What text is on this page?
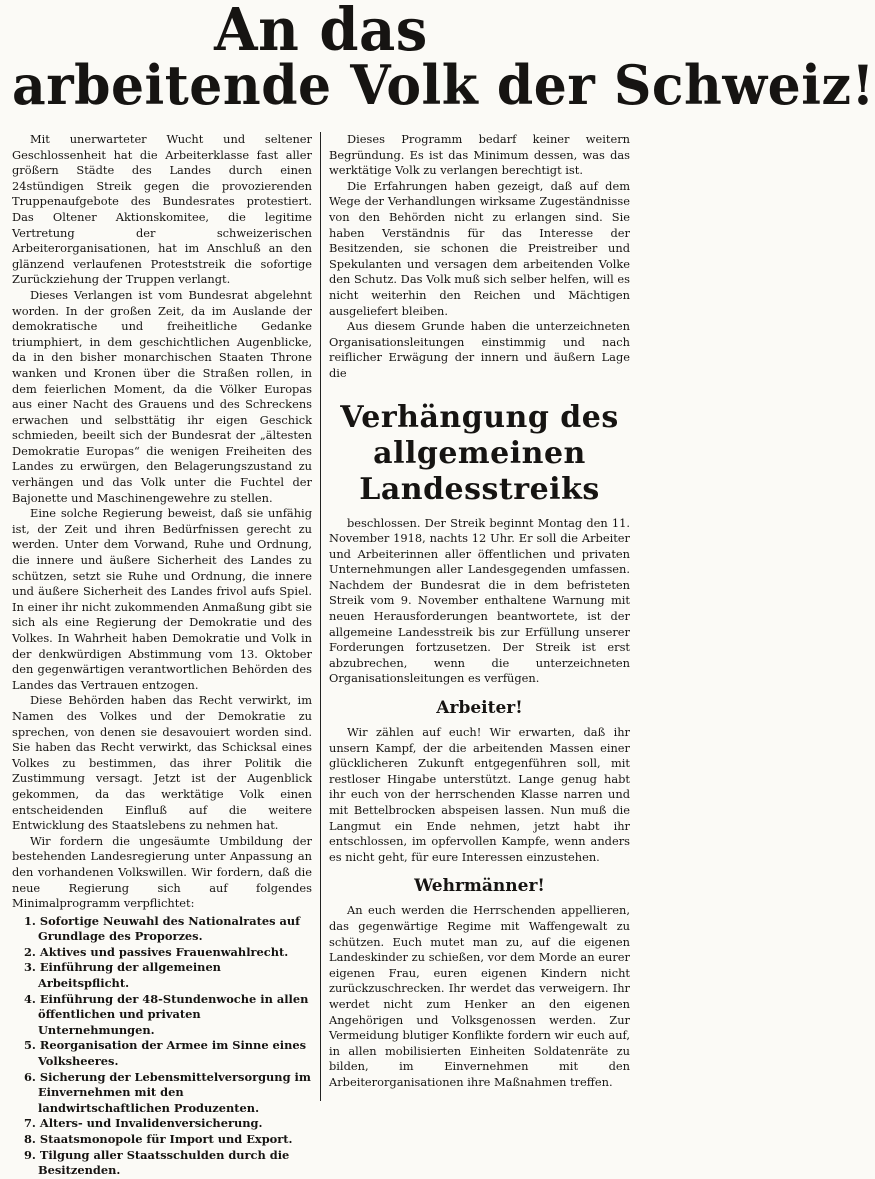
An das
arbeitende Volk der Schweiz!

Mit unerwarteter Wucht und seltener Geschlossenheit hat die Arbeiterklasse fast aller größern Städte des Landes durch einen 24stündigen Streik gegen die provozierenden Truppenaufgebote des Bundesrates protestiert. Das Oltener Aktionskomitee, die legitime Vertretung der schweizerischen Arbeiterorganisationen, hat im Anschluß an den glänzend verlaufenen Proteststreik die sofortige Zurückziehung der Truppen verlangt.

Dieses Verlangen ist vom Bundesrat abgelehnt worden. In der großen Zeit, da im Auslande der demokratische und freiheitliche Gedanke triumphiert, in dem geschichtlichen Augenblicke, da in den bisher monarchischen Staaten Throne wanken und Kronen über die Straßen rollen, in dem feierlichen Moment, da die Völker Europas aus einer Nacht des Grauens und des Schreckens erwachen und selbsttätig ihr eigen Geschick schmieden, beeilt sich der Bundesrat der „ältesten Demokratie Europas“ die wenigen Freiheiten des Landes zu erwürgen, den Belagerungszustand zu verhängen und das Volk unter die Fuchtel der Bajonette und Maschinengewehre zu stellen.

Eine solche Regierung beweist, daß sie unfähig ist, der Zeit und ihren Bedürfnissen gerecht zu werden. Unter dem Vorwand, Ruhe und Ordnung, die innere und äußere Sicherheit des Landes zu schützen, setzt sie Ruhe und Ordnung, die innere und äußere Sicherheit des Landes frivol aufs Spiel. In einer ihr nicht zukommenden Anmaßung gibt sie sich als eine Regierung der Demokratie und des Volkes. In Wahrheit haben Demokratie und Volk in der denkwürdigen Abstimmung vom 13. Oktober den gegenwärtigen verantwortlichen Behörden des Landes das Vertrauen entzogen.

Diese Behörden haben das Recht verwirkt, im Namen des Volkes und der Demokratie zu sprechen, von denen sie desavouiert worden sind. Sie haben das Recht verwirkt, das Schicksal eines Volkes zu bestimmen, das ihrer Politik die Zustimmung versagt. Jetzt ist der Augenblick gekommen, da das werktätige Volk einen entscheidenden Einfluß auf die weitere Entwicklung des Staatslebens zu nehmen hat.

Wir fordern die ungesäumte Umbildung der bestehenden Landesregierung unter Anpassung an den vorhandenen Volkswillen. Wir fordern, daß die neue Regierung sich auf folgendes Minimalprogramm verpflichtet:

1. Sofortige Neuwahl des Nationalrates auf Grundlage des Proporzes.
2. Aktives und passives Frauenwahlrecht.
3. Einführung der allgemeinen Arbeitspflicht.
4. Einführung der 48-Stundenwoche in allen öffentlichen und privaten Unternehmungen.
5. Reorganisation der Armee im Sinne eines Volksheeres.
6. Sicherung der Lebensmittelversorgung im Einvernehmen mit den landwirtschaftlichen Produzenten.
7. Alters- und Invalidenversicherung.
8. Staatsmonopole für Import und Export.
9. Tilgung aller Staatsschulden durch die Besitzenden.

Dieses Programm bedarf keiner weitern Begründung. Es ist das Minimum dessen, was das werktätige Volk zu verlangen berechtigt ist.

Die Erfahrungen haben gezeigt, daß auf dem Wege der Verhandlungen wirksame Zugeständnisse von den Behörden nicht zu erlangen sind. Sie haben Verständnis für das Interesse der Besitzenden, sie schonen die Preistreiber und Spekulanten und versagen dem arbeitenden Volke den Schutz. Das Volk muß sich selber helfen, will es nicht weiterhin den Reichen und Mächtigen ausgeliefert bleiben.

Aus diesem Grunde haben die unterzeichneten Organisationsleitungen einstimmig und nach reiflicher Erwägung der innern und äußern Lage die

Verhängung des
allgemeinen Landesstreiks

beschlossen. Der Streik beginnt Montag den 11. November 1918, nachts 12 Uhr. Er soll die Arbeiter und Arbeiterinnen aller öffentlichen und privaten Unternehmungen aller Landesgegenden umfassen. Nachdem der Bundesrat die in dem befristeten Streik vom 9. November enthaltene Warnung mit neuen Herausforderungen beantwortete, ist der allgemeine Landesstreik bis zur Erfüllung unserer Forderungen fortzusetzen. Der Streik ist erst abzubrechen, wenn die unterzeichneten Organisationsleitungen es verfügen.

Arbeiter!

Wir zählen auf euch! Wir erwarten, daß ihr unsern Kampf, der die arbeitenden Massen einer glücklicheren Zukunft entgegenführen soll, mit restloser Hingabe unterstützt. Lange genug habt ihr euch von der herrschenden Klasse narren und mit Bettelbrocken abspeisen lassen. Nun muß die Langmut ein Ende nehmen, jetzt habt ihr entschlossen, im opfervollen Kampfe, wenn anders es nicht geht, für eure Interessen einzustehen.

Wehrmänner!

An euch werden die Herrschenden appellieren, das gegenwärtige Regime mit Waffengewalt zu schützen. Euch mutet man zu, auf die eigenen Landeskinder zu schießen, vor dem Morde an eurer eigenen Frau, euren eigenen Kindern nicht zurückzuschrecken. Ihr werdet das verweigern. Ihr werdet nicht zum Henker an den eigenen Angehörigen und Volksgenossen werden. Zur Vermeidung blutiger Konflikte fordern wir euch auf, in allen mobilisierten Einheiten Soldatenräte zu bilden, im Einvernehmen mit den Arbeiterorganisationen ihre Maßnahmen treffen.
